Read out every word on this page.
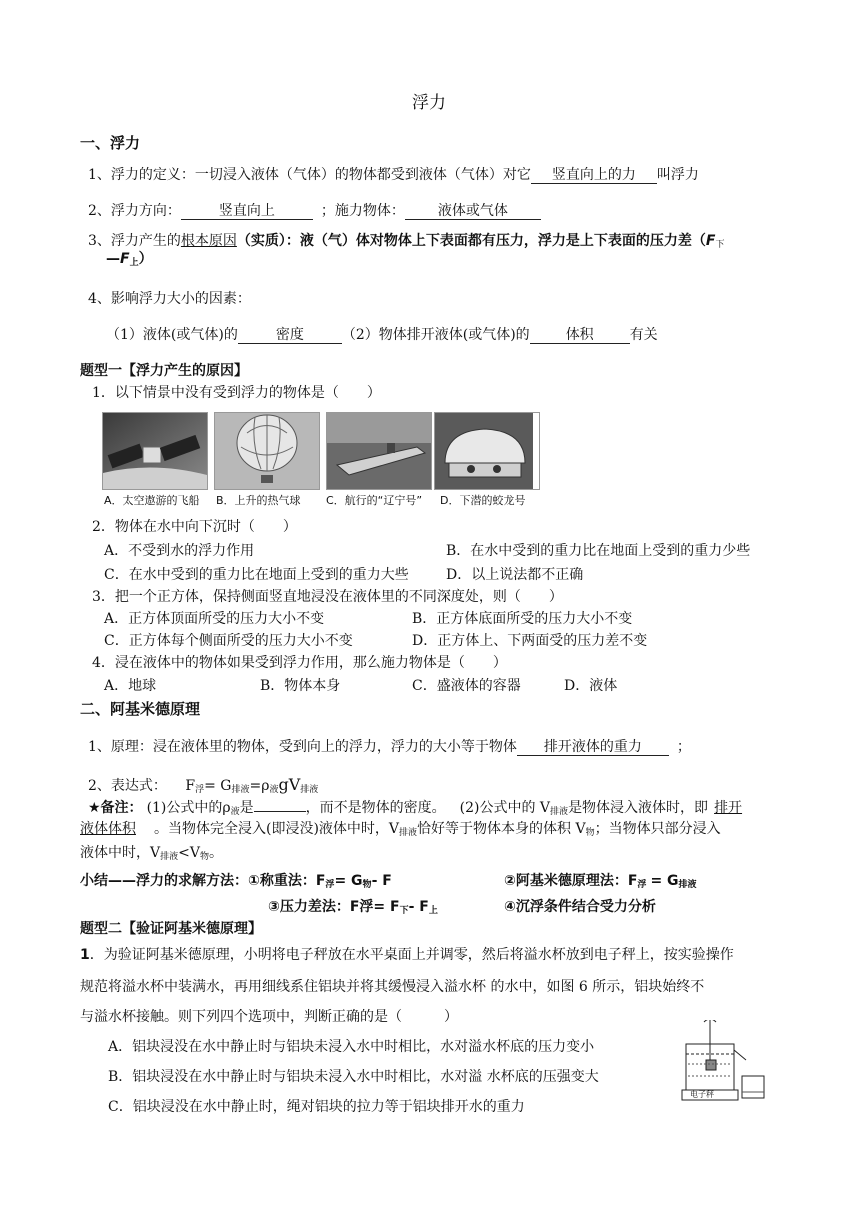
浮力
一、浮力
1、浮力的定义：一切浸入液体（气体）的物体都受到液体（气体）对它 竖直向上的力 叫浮力
2、浮力方向：	竖直向上	；施力物体： 液体或气体
3、浮力产生的根本原因（实质）：液（气）体对物体上下表面都有压力，浮力是上下表面的压力差（$F_下$
$—F_上$）
4、影响浮力大小的因素：
（1）液体(或气体)的	密度	（2）物体排开液体(或气体)的	体积	有关
题型一【浮力产生的原因】
1．以下情景中没有受到浮力的物体是（　　）
A．太空遨游的飞船 B．上升的热气球 C．航行的“辽宁号” D．下潜的蛟龙号
2．物体在水中向下沉时（　　）
A．不受到水的浮力作用	B．在水中受到的重力比在地面上受到的重力少些
C．在水中受到的重力比在地面上受到的重力大些	D．以上说法都不正确
3．把一个正方体，保持侧面竖直地浸没在液体里的不同深度处，则（　　）
A．正方体顶面所受的压力大小不变	B．正方体底面所受的压力大小不变
C．正方体每个侧面所受的压力大小不变	D．正方体上、下两面受的压力差不变
4．浸在液体中的物体如果受到浮力作用，那么施力物体是（　　）
A．地球	B．物体本身	C．盛液体的容器	D．液体
二、阿基米德原理
1、原理：浸在液体里的物体，受到向上的浮力，浮力的大小等于物体 排开液体的重力	；
2、表达式： $F_浮= G_{排液}=\rho_液gV_{排液}$
★备注： (1)公式中的$\rho_液$是	，而不是物体的密度。 (2)公式中的 $V_{排液}$是物体浸入液体时，即 排开
液体体积 。当物体完全浸入(即浸没)液体中时，$V_{排液}$恰好等于物体本身的体积 $V_物$；当物体只部分浸入
液体中时，$V_{排液}<V_物$。
小结——浮力的求解方法：①称重法：$F_浮= G_物-$ F	②阿基米德原理法：$F_浮 = G_{排液}$
③压力差法：F浮= $F_下-$ $F_上$	④沉浮条件结合受力分析
题型二【验证阿基米德原理】
1．为验证阿基米德原理，小明将电子秤放在水平桌面上并调零，然后将溢水杯放到电子秤上，按实验操作
规范将溢水杯中装满水，再用细线系住铝块并将其缓慢浸入溢水杯 的水中，如图 6 所示，铝块始终不
与溢水杯接触。则下列四个选项中，判断正确的是（　　　）
A．铝块浸没在水中静止时与铝块未浸入水中时相比，水对溢水杯底的压力变小
B．铝块浸没在水中静止时与铝块未浸入水中时相比，水对溢 水杯底的压强变大
C．铝块浸没在水中静止时，绳对铝块的拉力等于铝块排开水的重力
电子秤
